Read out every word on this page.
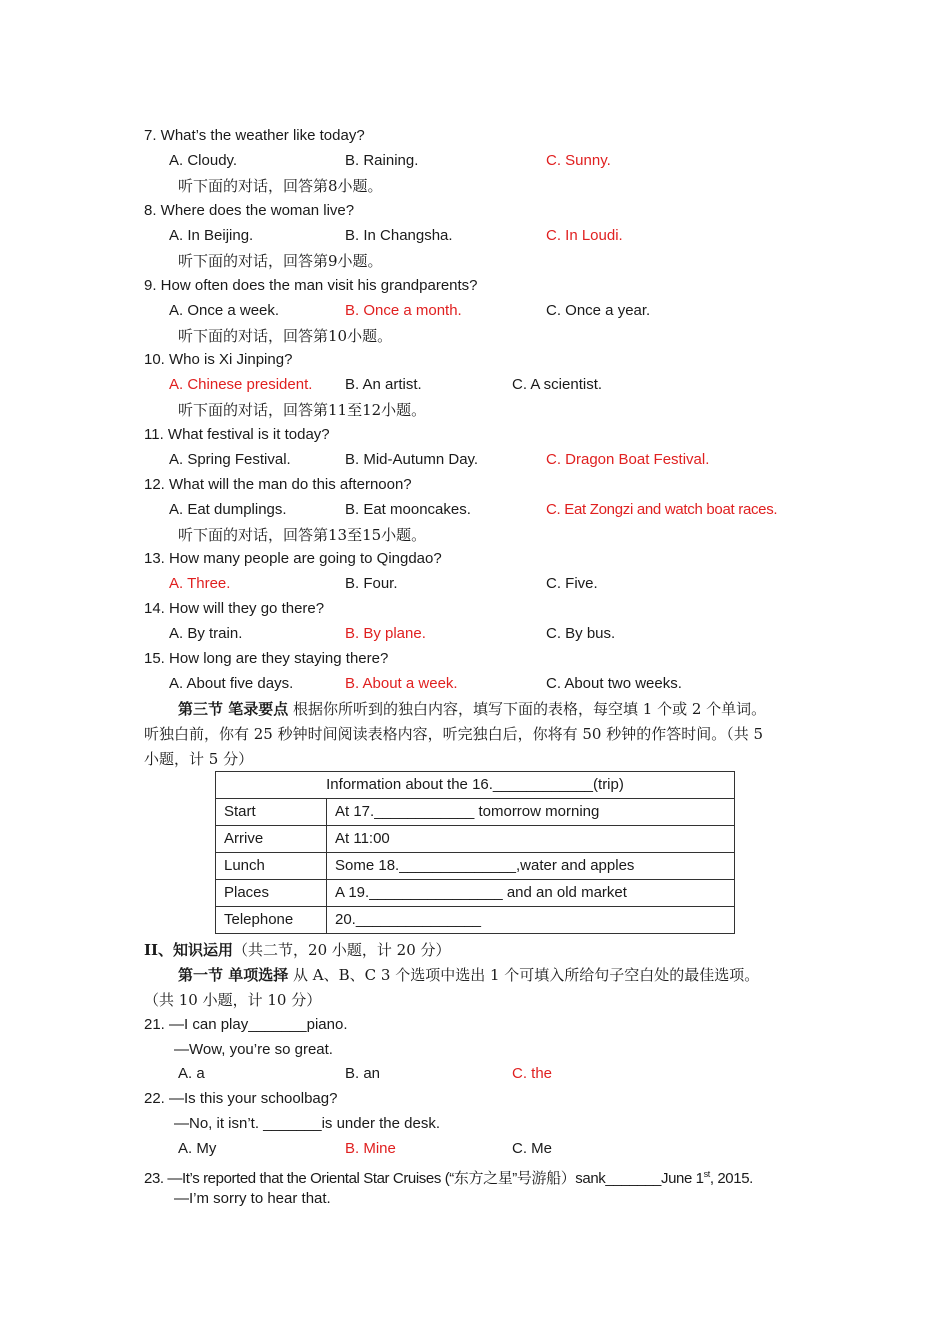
7. What’s the weather like today?
A. Cloudy.	B. Raining.	C. Sunny.
听下面的对话，回答第8小题。
8. Where does the woman live?
A. In Beijing.	B. In Changsha.	C. In Loudi.
听下面的对话，回答第9小题。
9. How often does the man visit his grandparents?
A. Once a week.	B. Once a month.	C. Once a year.
听下面的对话，回答第10小题。
10. Who is Xi Jinping?
A. Chinese president. B. An artist.	C. A scientist.
听下面的对话，回答第11至12小题。
11. What festival is it today?
A. Spring Festival.	B. Mid-Autumn Day.	C. Dragon Boat Festival.
12. What will the man do this afternoon?
A. Eat dumplings.	B. Eat mooncakes.	C. Eat Zongzi and watch boat races.
听下面的对话，回答第13至15小题。
13. How many people are going to Qingdao?
A. Three.	B. Four.	C. Five.
14. How will they go there?
A. By train.	B. By plane.	C. By bus.
15. How long are they staying there?
A. About five days.	B. About a week.	C. About two weeks.
第三节 笔录要点 根据你所听到的独白内容，填写下面的表格，每空填 1 个或 2 个单词。
听独白前，你有 25 秒钟时间阅读表格内容，听完独白后，你将有 50 秒钟的作答时间。（共 5
小题，计 5 分）
Information about the 16.____________(trip)	
Start	At 17.____________ tomorrow morning
Arrive	At 11:00
Lunch	Some 18.______________,water and apples
Places	A 19.________________ and an old market
Telephone	20._______________
II、知识运用（共二节，20 小题，计 20 分）
第一节 单项选择 从 A、B、C 3 个选项中选出 1 个可填入所给句子空白处的最佳选项。
（共 10 小题，计 10 分）
21. —I can play_______piano.
—Wow, you’re so great.
A. a	B. an	C. the
22. —Is this your schoolbag?
—No, it isn’t. _______is under the desk.
A. My	B. Mine	C. Me
23. —It’s reported that the Oriental Star Cruises (“东方之星”号游船）sank_______June 1st, 2015.
—I’m sorry to hear that.
